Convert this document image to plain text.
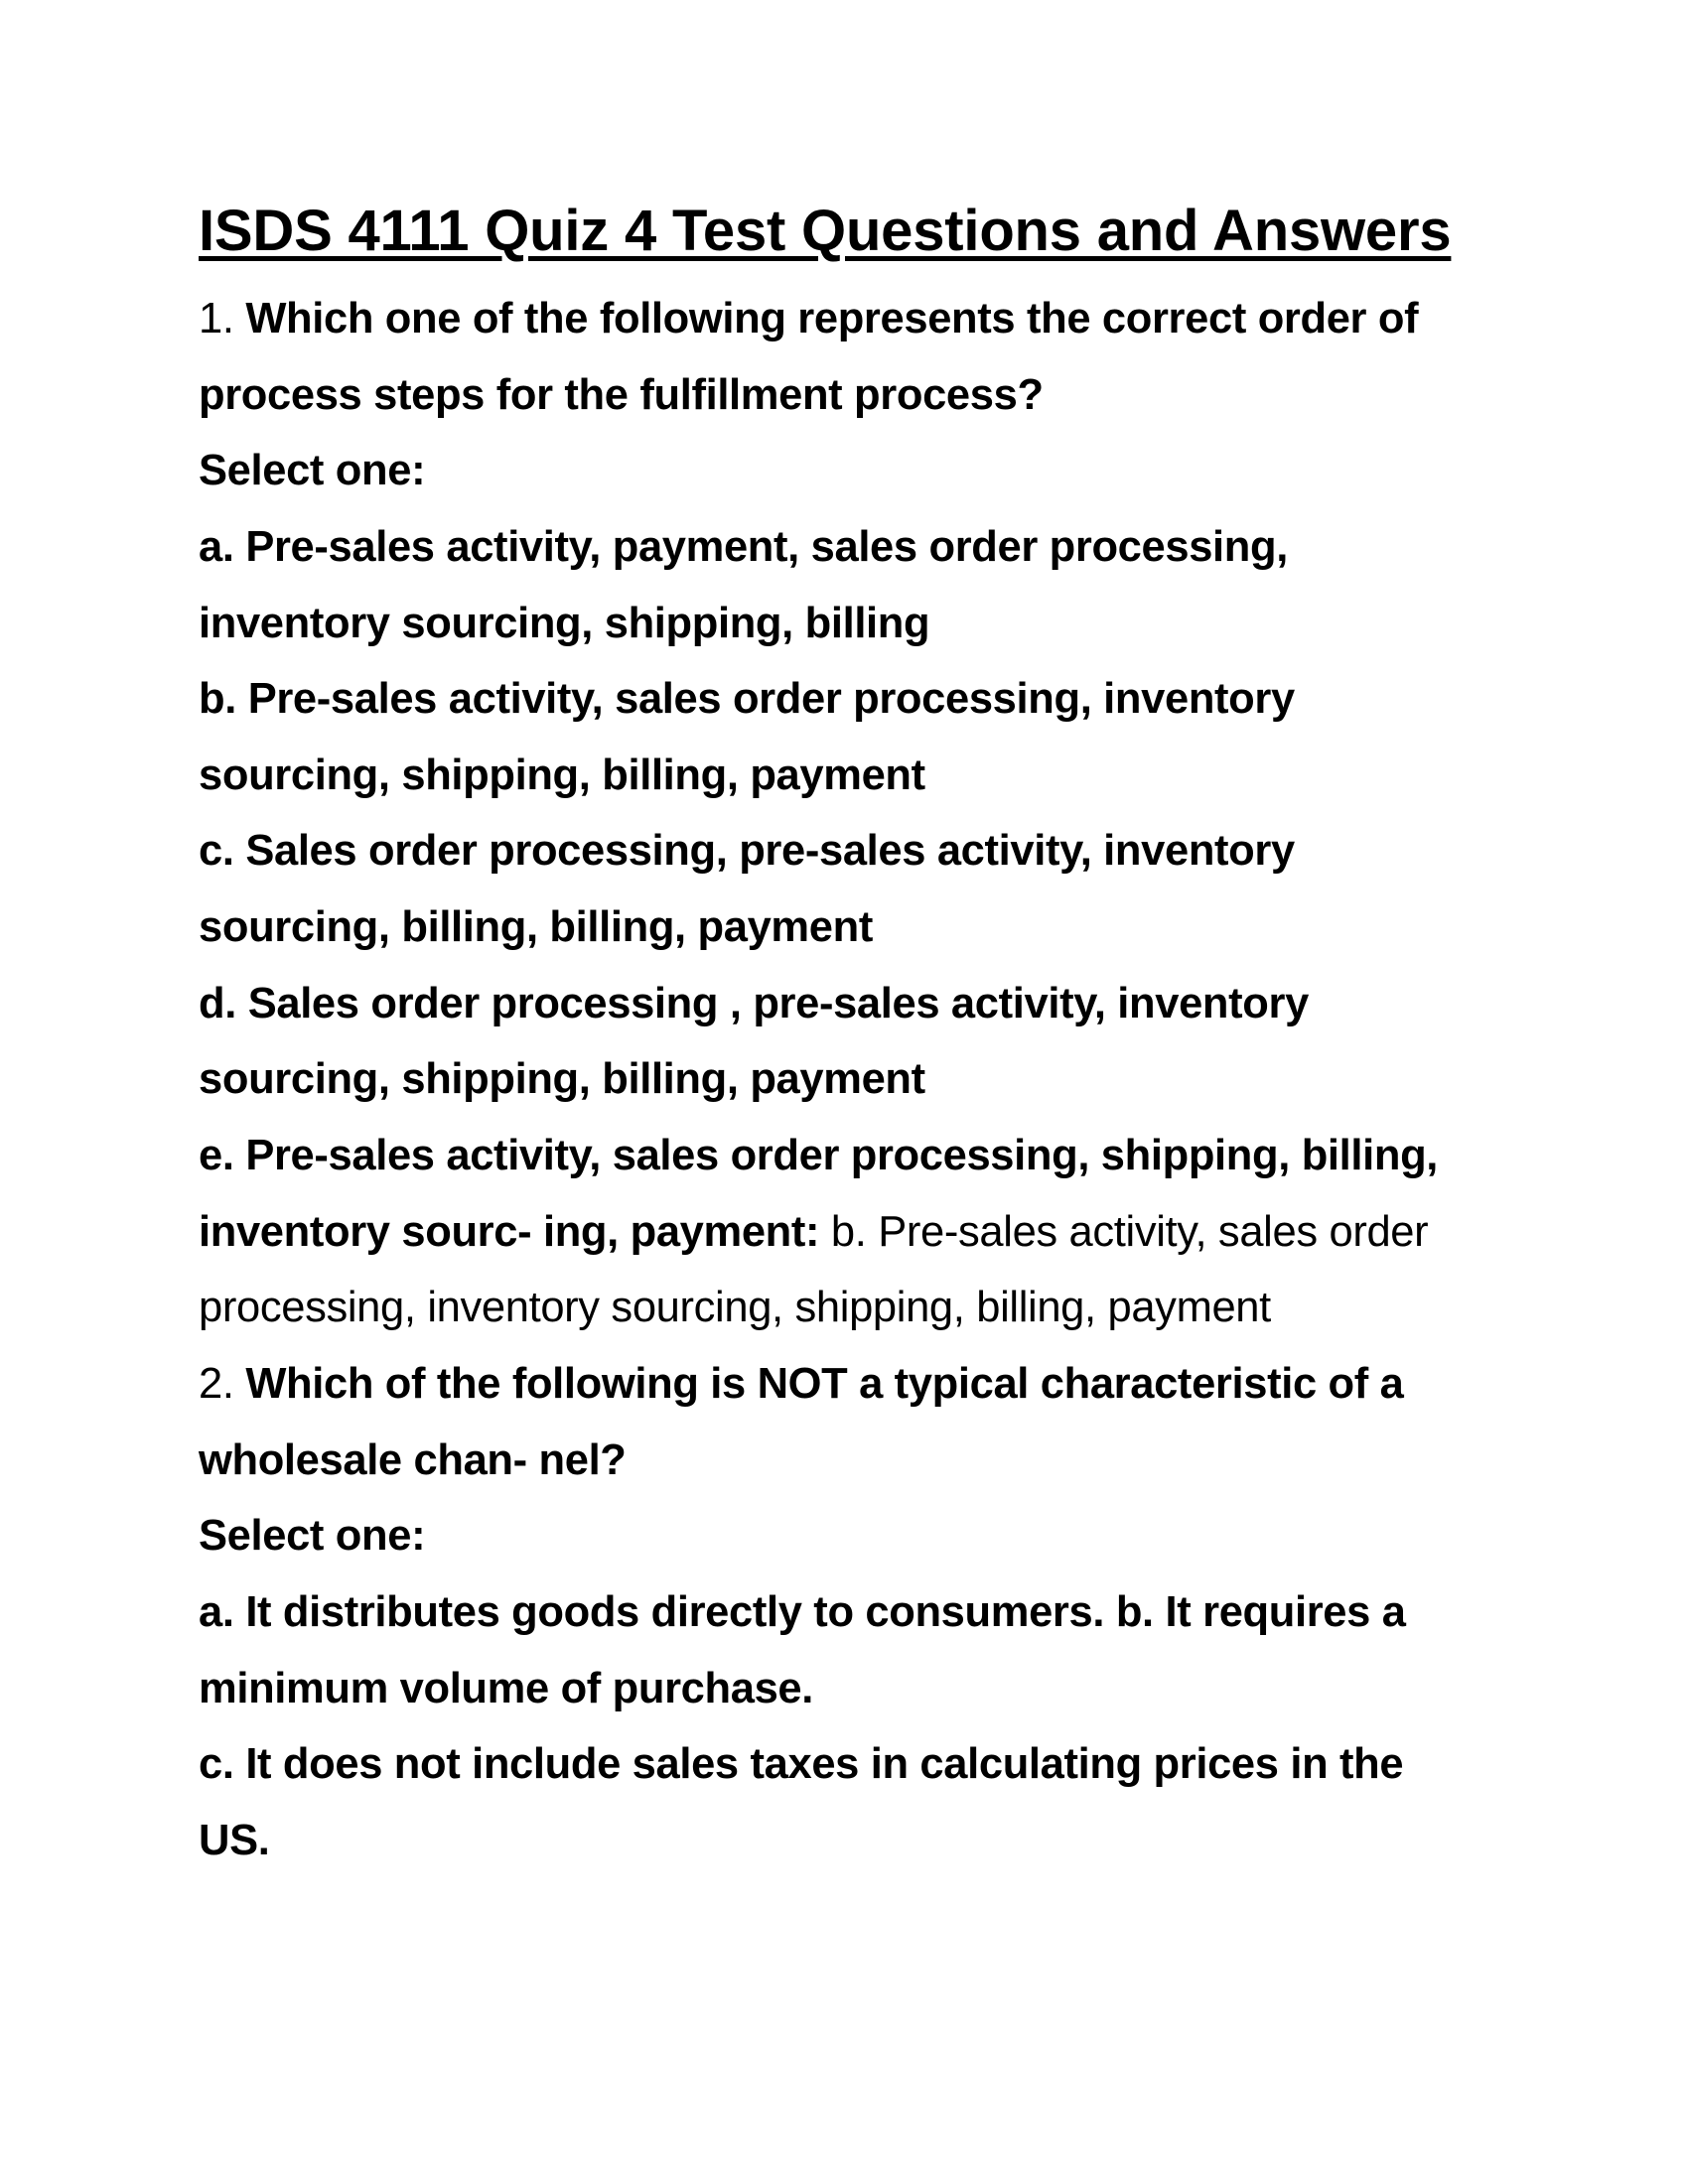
ISDS 4111 Quiz 4 Test Questions and Answers
1. Which one of the following represents the correct order of
process steps for the fulfillment process?
Select one:
a. Pre-sales activity, payment, sales order processing,
inventory sourcing, shipping, billing
b. Pre-sales activity, sales order processing, inventory
sourcing, shipping, billing, payment
c. Sales order processing, pre-sales activity, inventory
sourcing, billing, billing, payment
d. Sales order processing , pre-sales activity, inventory
sourcing, shipping, billing, payment
e. Pre-sales activity, sales order processing, shipping, billing,
inventory sourc- ing, payment: b. Pre-sales activity, sales order
processing, inventory sourcing, shipping, billing, payment
2. Which of the following is NOT a typical characteristic of a
wholesale chan- nel?
Select one:
a. It distributes goods directly to consumers. b. It requires a
minimum volume of purchase.
c. It does not include sales taxes in calculating prices in the
US.
